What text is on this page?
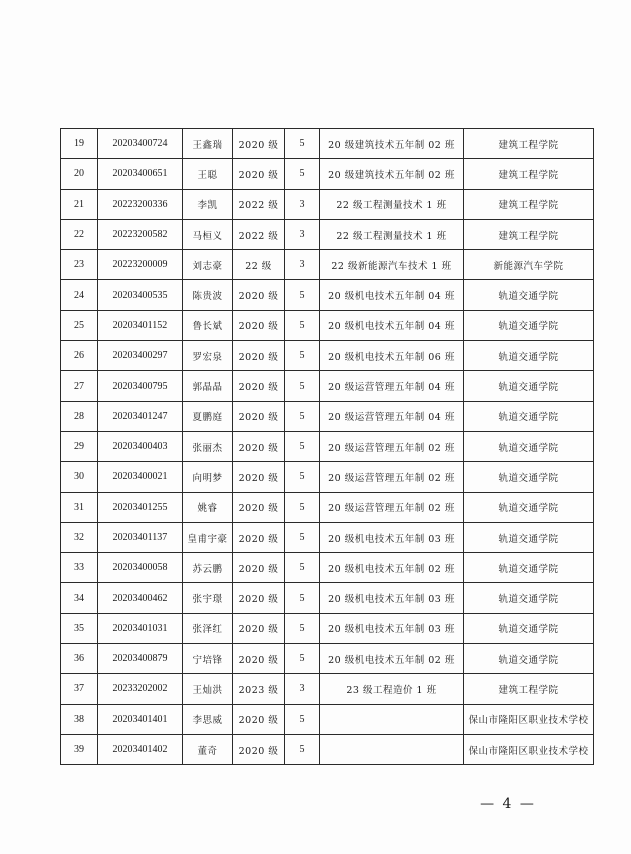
19	20203400724	王鑫瑞	2020 级	5	20 级建筑技术五年制 02 班	建筑工程学院
20	20203400651	王聪	2020 级	5	20 级建筑技术五年制 02 班	建筑工程学院
21	20223200336	李凯	2022 级	3	22 级工程测量技术 1 班	建筑工程学院
22	20223200582	马桓义	2022 级	3	22 级工程测量技术 1 班	建筑工程学院
23	20223200009	刘志豪	22 级	3	22 级新能源汽车技术 1 班	新能源汽车学院
24	20203400535	陈贵波	2020 级	5	20 级机电技术五年制 04 班	轨道交通学院
25	20203401152	鲁长斌	2020 级	5	20 级机电技术五年制 04 班	轨道交通学院
26	20203400297	罗宏泉	2020 级	5	20 级机电技术五年制 06 班	轨道交通学院
27	20203400795	郭晶晶	2020 级	5	20 级运营管理五年制 04 班	轨道交通学院
28	20203401247	夏鹏庭	2020 级	5	20 级运营管理五年制 04 班	轨道交通学院
29	20203400403	张丽杰	2020 级	5	20 级运营管理五年制 02 班	轨道交通学院
30	20203400021	向明梦	2020 级	5	20 级运营管理五年制 02 班	轨道交通学院
31	20203401255	姚睿	2020 级	5	20 级运营管理五年制 02 班	轨道交通学院
32	20203401137	皇甫宇豪	2020 级	5	20 级机电技术五年制 03 班	轨道交通学院
33	20203400058	苏云鹏	2020 级	5	20 级机电技术五年制 02 班	轨道交通学院
34	20203400462	张宇璟	2020 级	5	20 级机电技术五年制 03 班	轨道交通学院
35	20203401031	张泽红	2020 级	5	20 级机电技术五年制 03 班	轨道交通学院
36	20203400879	宁培锋	2020 级	5	20 级机电技术五年制 02 班	轨道交通学院
37	20233202002	王灿洪	2023 级	3	23 级工程造价 1 班	建筑工程学院
38	20203401401	李思威	2020 级	5		保山市隆阳区职业技术学校
39	20203401402	董奇	2020 级	5		保山市隆阳区职业技术学校
— 4 —
